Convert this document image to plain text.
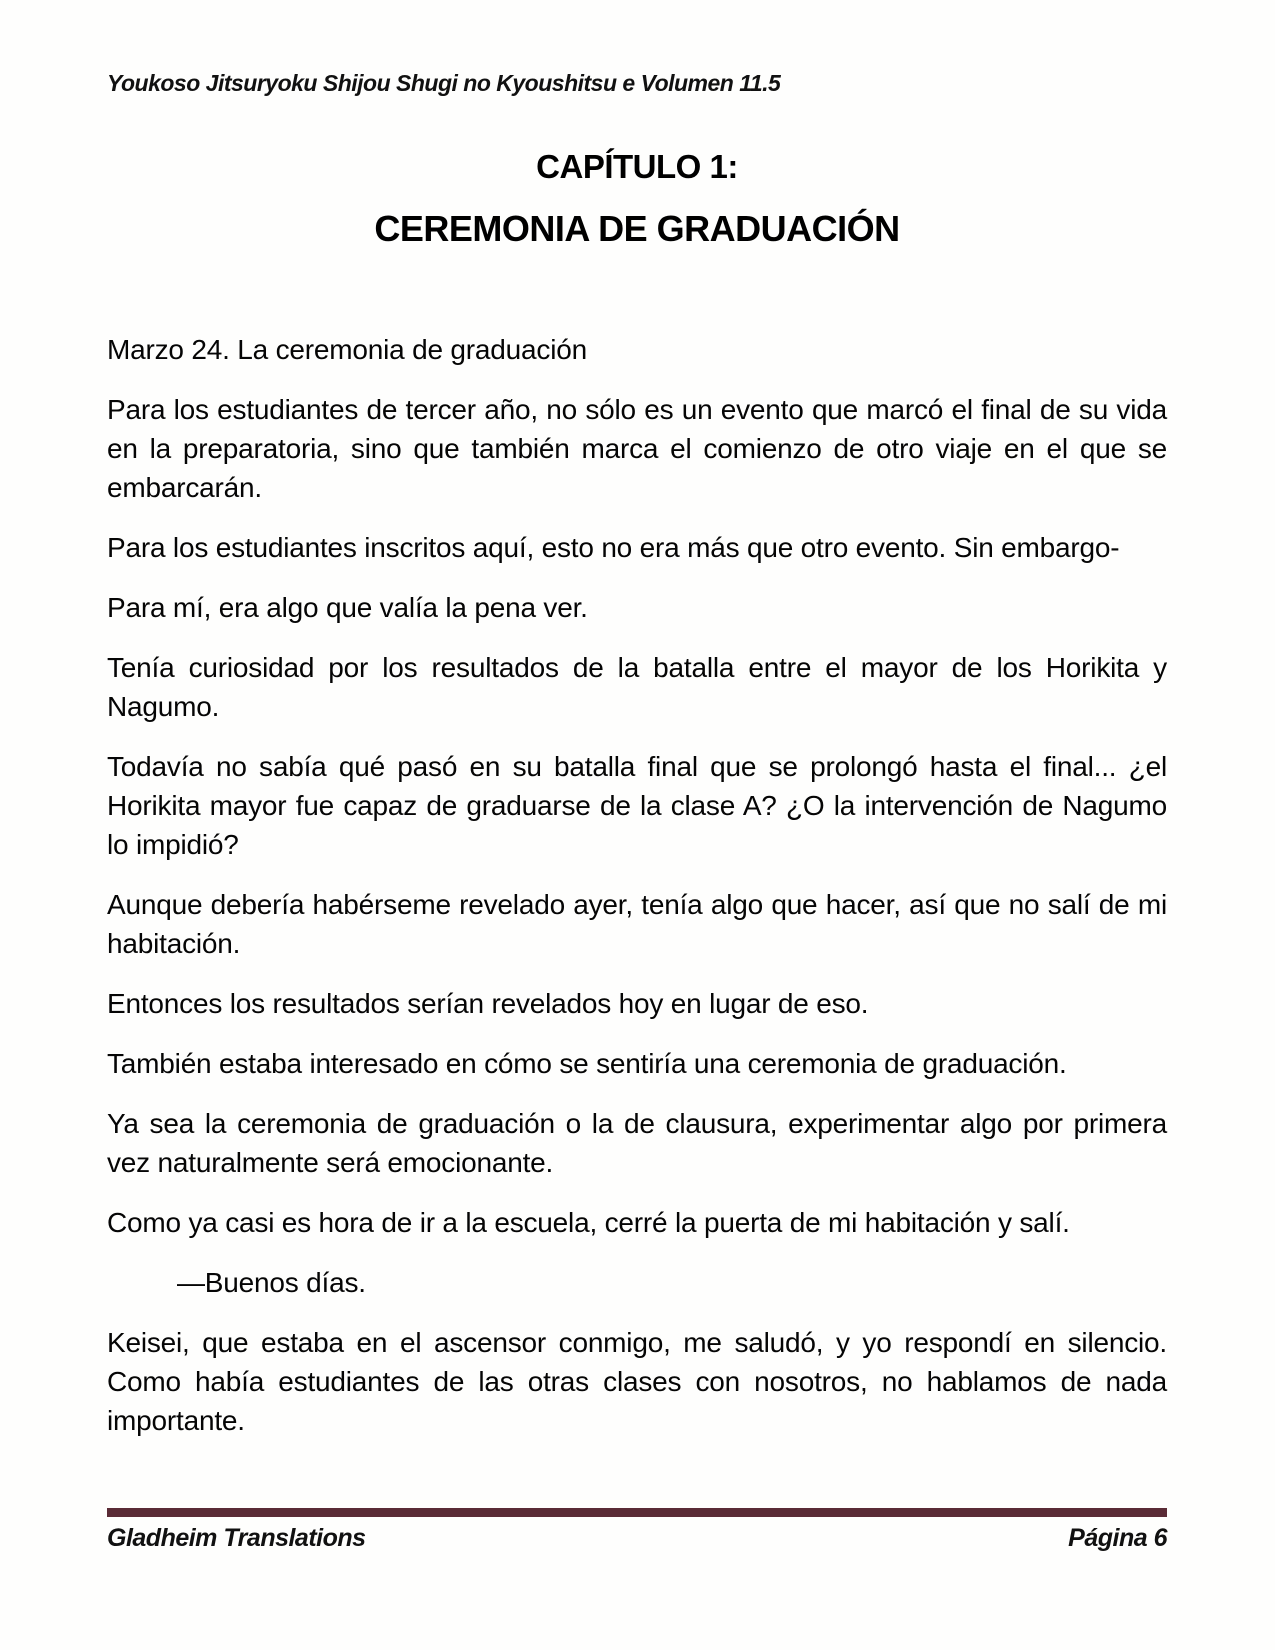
Youkoso Jitsuryoku Shijou Shugi no Kyoushitsu e Volumen 11.5
CAPÍTULO 1:
CEREMONIA DE GRADUACIÓN

Marzo 24. La ceremonia de graduación

Para los estudiantes de tercer año, no sólo es un evento que marcó el final de su vida en la preparatoria, sino que también marca el comienzo de otro viaje en el que se embarcarán.

Para los estudiantes inscritos aquí, esto no era más que otro evento. Sin embargo-

Para mí, era algo que valía la pena ver.

Tenía curiosidad por los resultados de la batalla entre el mayor de los Horikita y Nagumo.

Todavía no sabía qué pasó en su batalla final que se prolongó hasta el final... ¿el Horikita mayor fue capaz de graduarse de la clase A? ¿O la intervención de Nagumo lo impidió?

Aunque debería habérseme revelado ayer, tenía algo que hacer, así que no salí de mi habitación.

Entonces los resultados serían revelados hoy en lugar de eso.

También estaba interesado en cómo se sentiría una ceremonia de graduación.

Ya sea la ceremonia de graduación o la de clausura, experimentar algo por primera vez naturalmente será emocionante.

Como ya casi es hora de ir a la escuela, cerré la puerta de mi habitación y salí.

—Buenos días.

Keisei, que estaba en el ascensor conmigo, me saludó, y yo respondí en silencio. Como había estudiantes de las otras clases con nosotros, no hablamos de nada importante.

Gladheim Translations	Página 6
